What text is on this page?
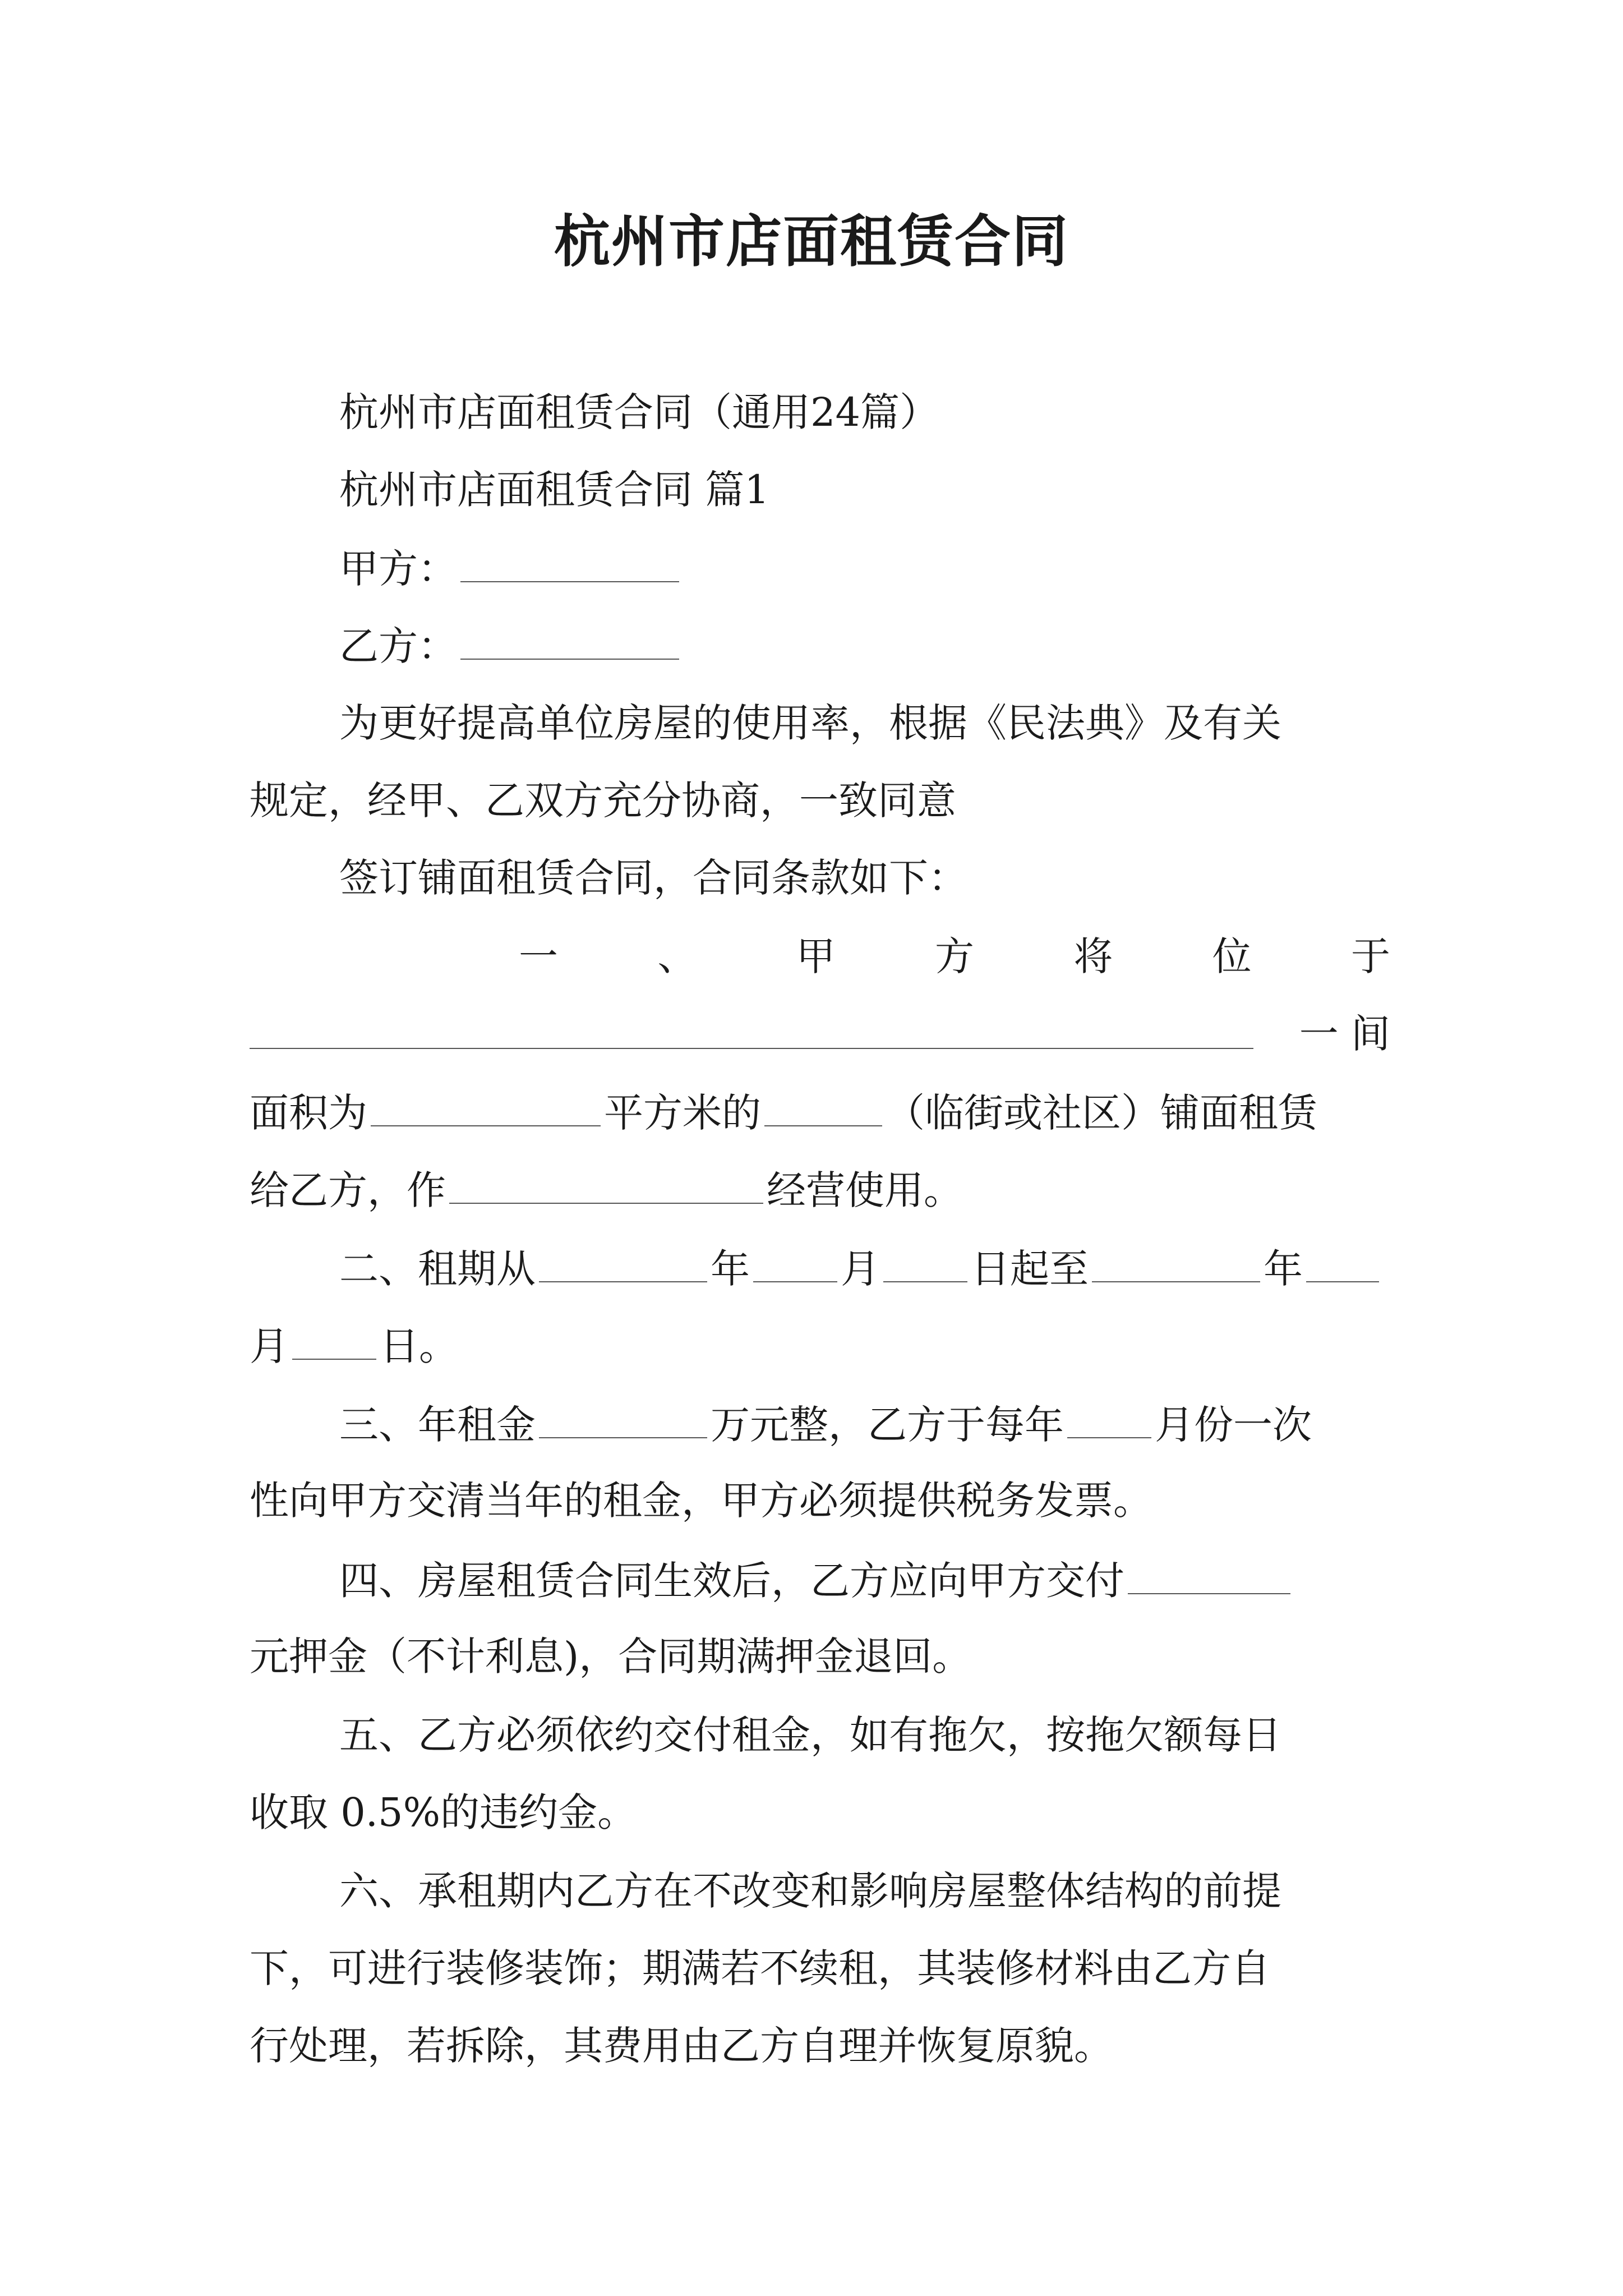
杭州市店面租赁合同
杭州市店面租赁合同（通用24篇）
杭州市店面租赁合同 篇1
甲方：
乙方：
为更好提高单位房屋的使用率，根据《民法典》及有关
规定，经甲、乙双方充分协商，一致同意
签订铺面租赁合同，合同条款如下：
一	、	甲	方	将	位	于
一 间
面积为	平方米的	（临街或社区）铺面租赁
给乙方，作	经营使用。
二、租期从	年 月 日起至	年
月 日。
三、年租金	万元整，乙方于每年 月份一次
性向甲方交清当年的租金，甲方必须提供税务发票。
四、房屋租赁合同生效后，乙方应向甲方交付
元押金（不计利息)，合同期满押金退回。
五、乙方必须依约交付租金，如有拖欠，按拖欠额每日
收取 0.5%的违约金。
六、承租期内乙方在不改变和影响房屋整体结构的前提
下，可进行装修装饰；期满若不续租，其装修材料由乙方自
行处理，若拆除，其费用由乙方自理并恢复原貌。
